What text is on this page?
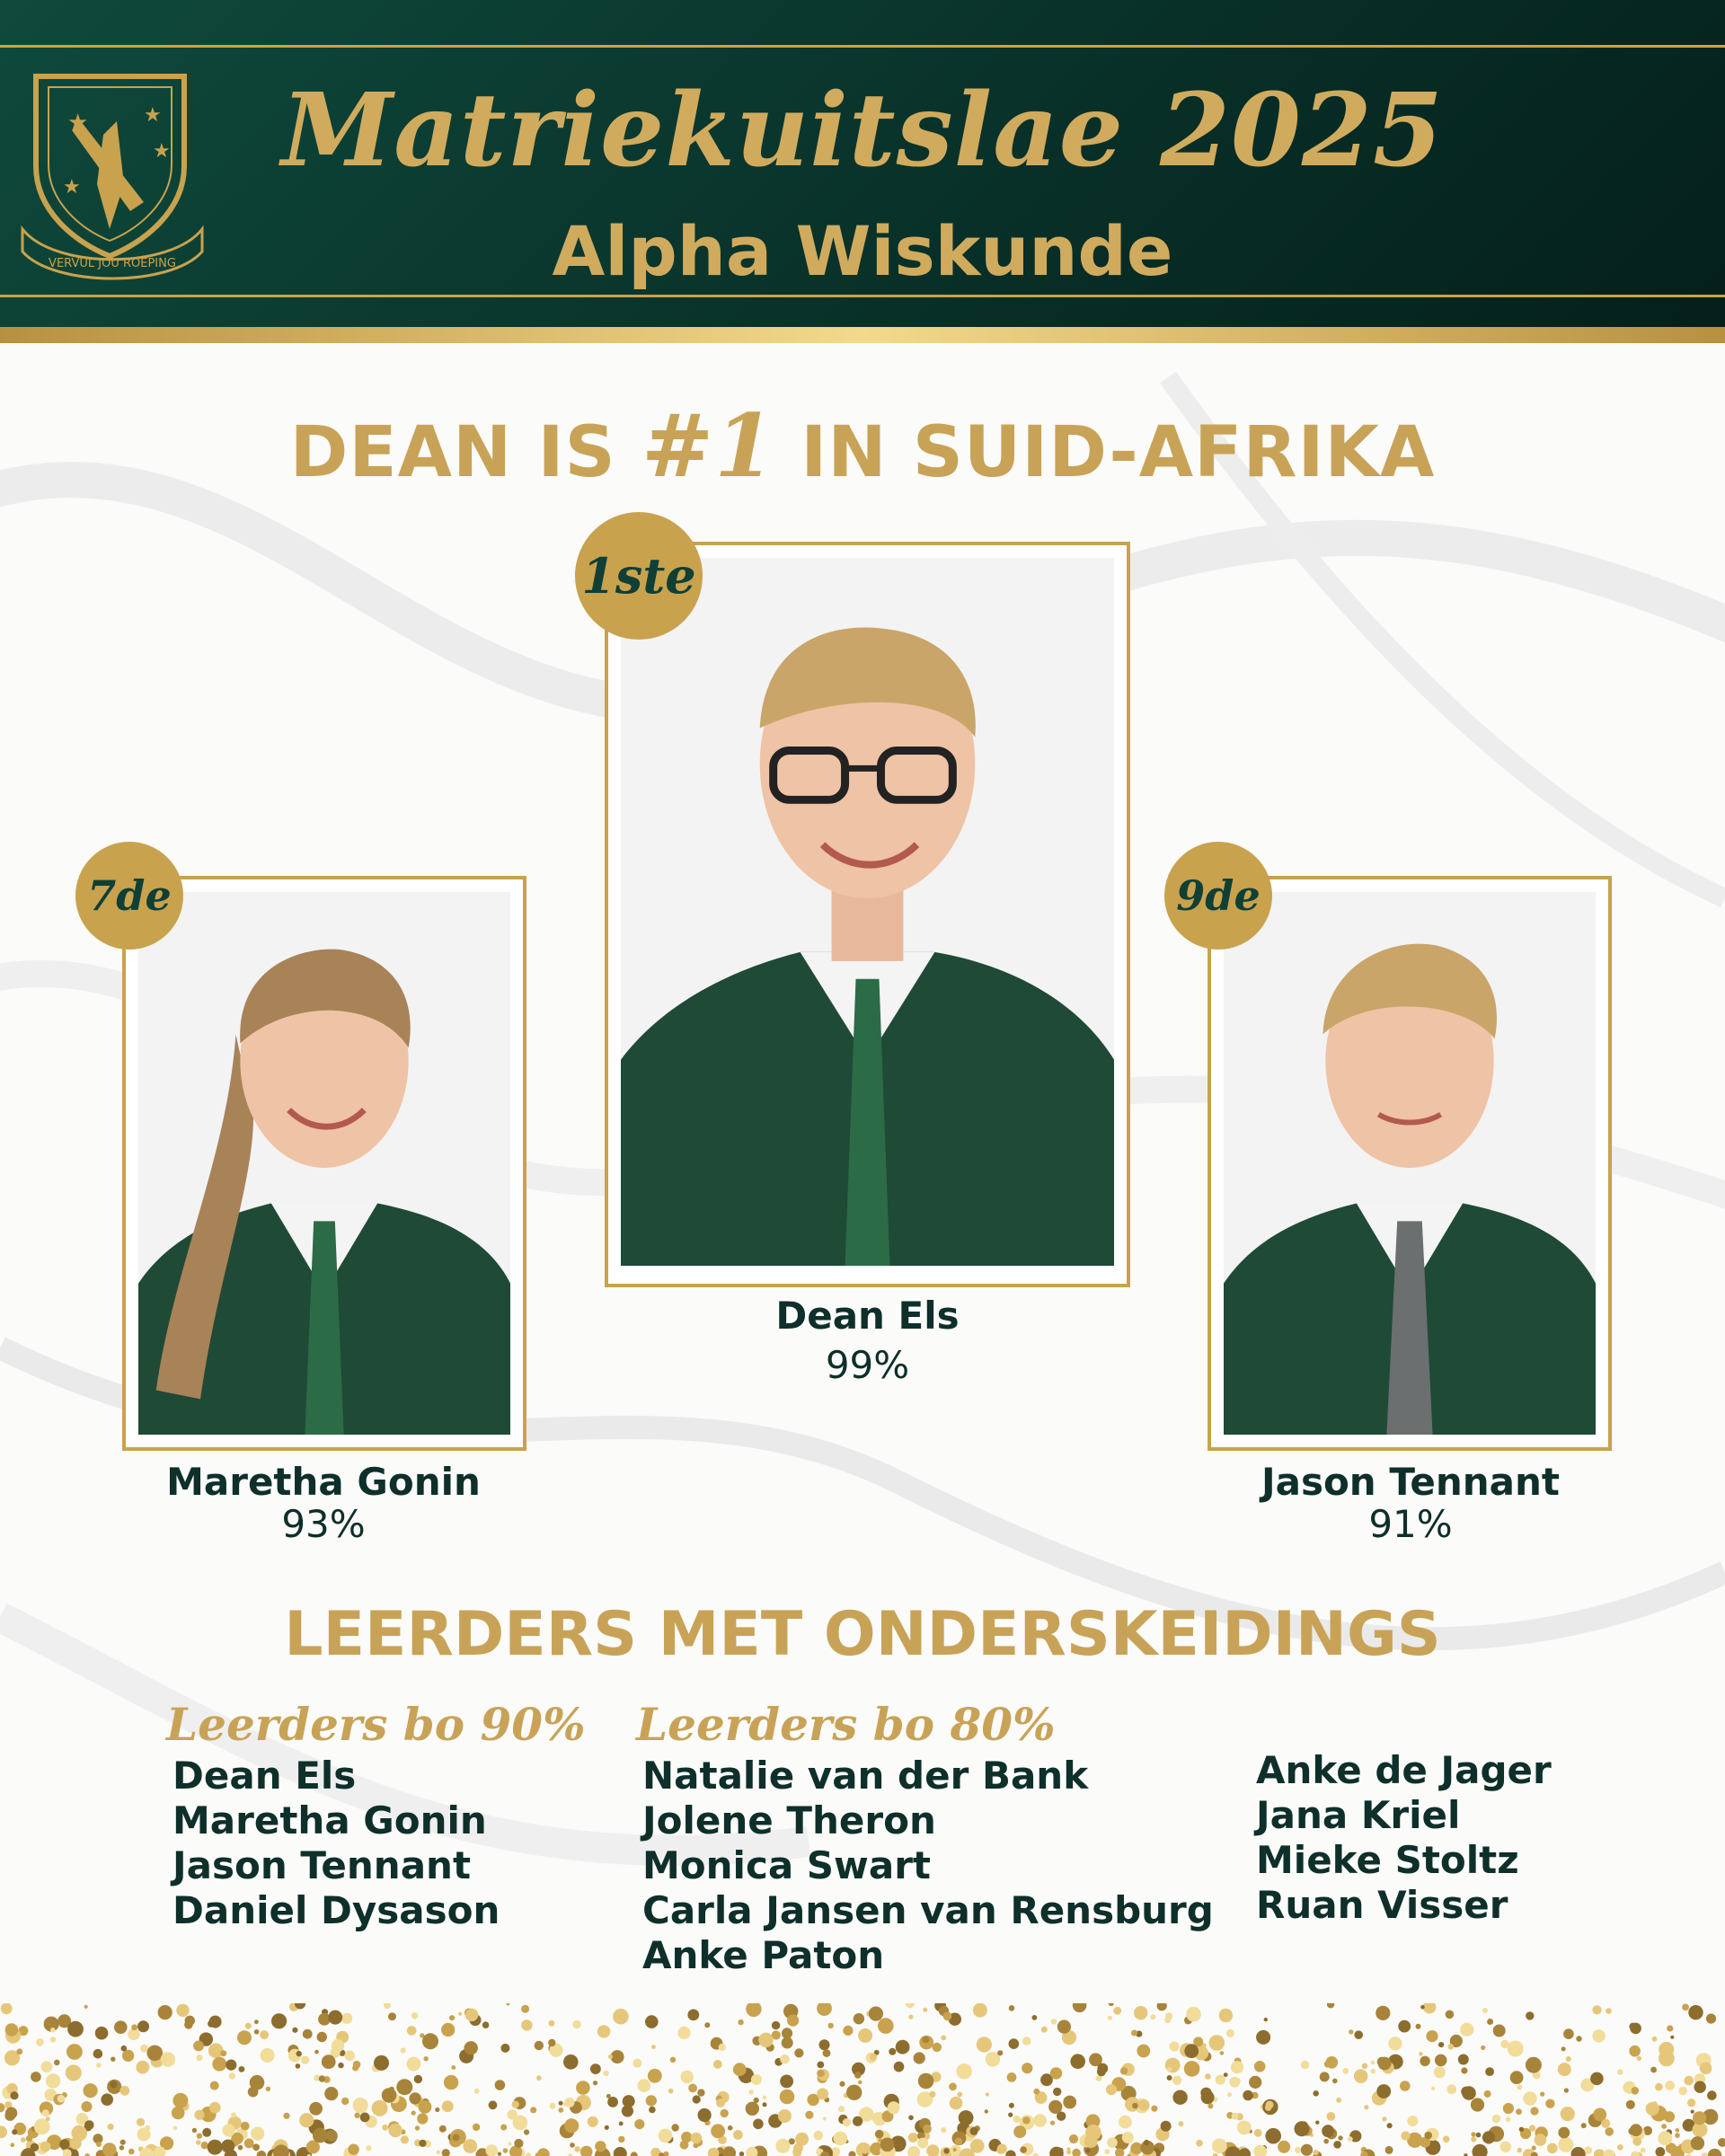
★	★
★
★
VERVUL JOU ROEPING
Matriekuitslae 2025
Alpha Wiskunde
DEAN IS #1 IN SUID-AFRIKA
1ste
Dean Els
99%
7de
Maretha Gonin
93%
9de
Jason Tennant
91%
LEERDERS MET ONDERSKEIDINGS
Leerders bo 90%
Dean Els
Maretha Gonin
Jason Tennant
Daniel Dysason
Leerders bo 80%
Natalie van der Bank
Jolene Theron
Monica Swart
Carla Jansen van Rensburg
Anke Paton
Anke de Jager
Jana Kriel
Mieke Stoltz
Ruan Visser
